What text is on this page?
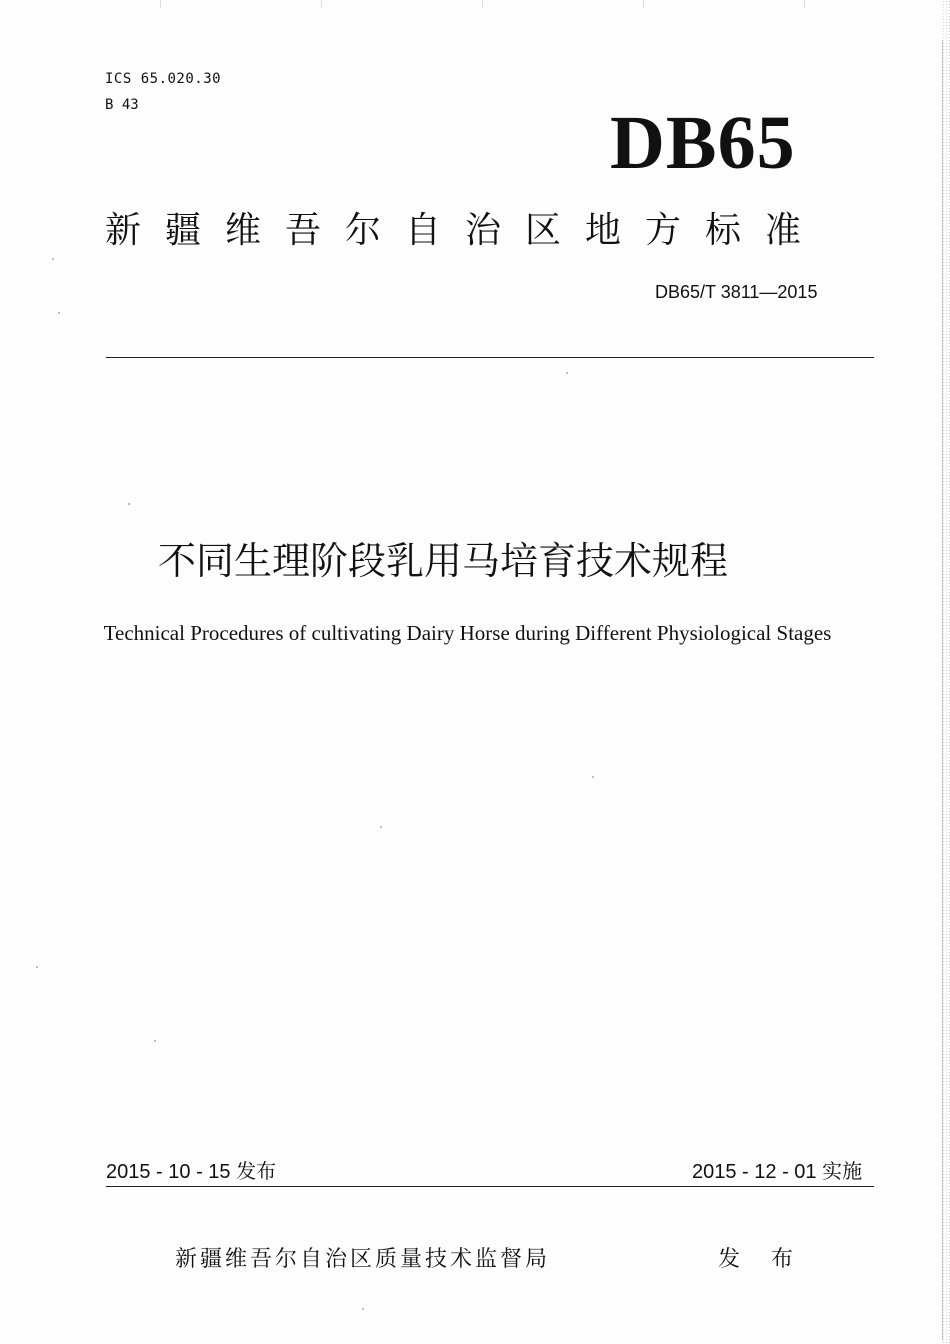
ICS 65.020.30
B 43	DB65
新疆维吾尔自治区地方标准
DB65/T 3811—2015
不同生理阶段乳用马培育技术规程
Technical Procedures of cultivating Dairy Horse during Different Physiological Stages
2015 - 10 - 15 发布	2015 - 12 - 01 实施
新疆维吾尔自治区质量技术监督局	发 布
